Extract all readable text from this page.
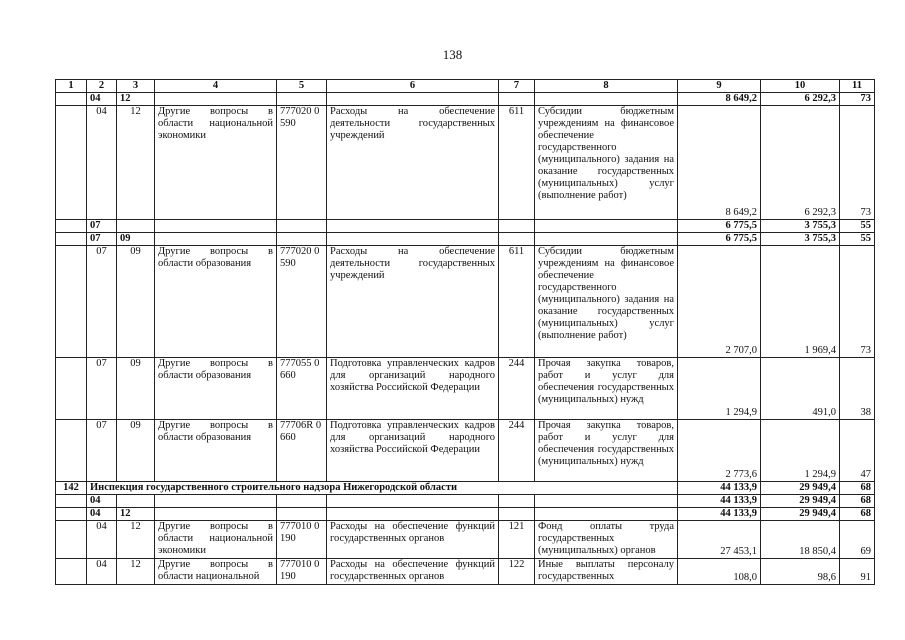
138
1	2	3	4	5	6	7	8	9	10	11
	04	12						8 649,2	6 292,3	73
	04	12	Другие вопросы в области национальной экономики	777020 0590	Расходы на обеспечение деятельности государственных учреждений	611	Субсидии бюджетным учреждениям на финансовое обеспечение государственного (муниципального) задания на оказание государственных (муниципальных) услуг (выполнение работ)	8 649,2	6 292,3	73
	07							6 775,5	3 755,3	55
	07	09						6 775,5	3 755,3	55
	07	09	Другие вопросы в области образования	777020 0590	Расходы на обеспечение деятельности государственных учреждений	611	Субсидии бюджетным учреждениям на финансовое обеспечение государственного (муниципального) задания на оказание государственных (муниципальных) услуг (выполнение работ)	2 707,0	1 969,4	73
	07	09	Другие вопросы в области образования	777055 0660	Подготовка управленческих кадров для организаций народного хозяйства Российской Федерации	244	Прочая закупка товаров, работ и услуг для обеспечения государственных (муниципальных) нужд	1 294,9	491,0	38
	07	09	Другие вопросы в области образования	77706R 0660	Подготовка управленческих кадров для организаций народного хозяйства Российской Федерации	244	Прочая закупка товаров, работ и услуг для обеспечения государственных (муниципальных) нужд	2 773,6	1 294,9	47
142	Инспекция государственного строительного надзора Нижегородской области							44 133,9	29 949,4	68
	04							44 133,9	29 949,4	68
	04	12						44 133,9	29 949,4	68
	04	12	Другие вопросы в области национальной экономики	777010 0190	Расходы на обеспечение функций государственных органов	121	Фонд оплаты труда государственных (муниципальных) органов	27 453,1	18 850,4	69
	04	12	Другие вопросы в области национальной	777010 0190	Расходы на обеспечение функций государственных органов	122	Иные выплаты персоналу государственных	108,0	98,6	91
